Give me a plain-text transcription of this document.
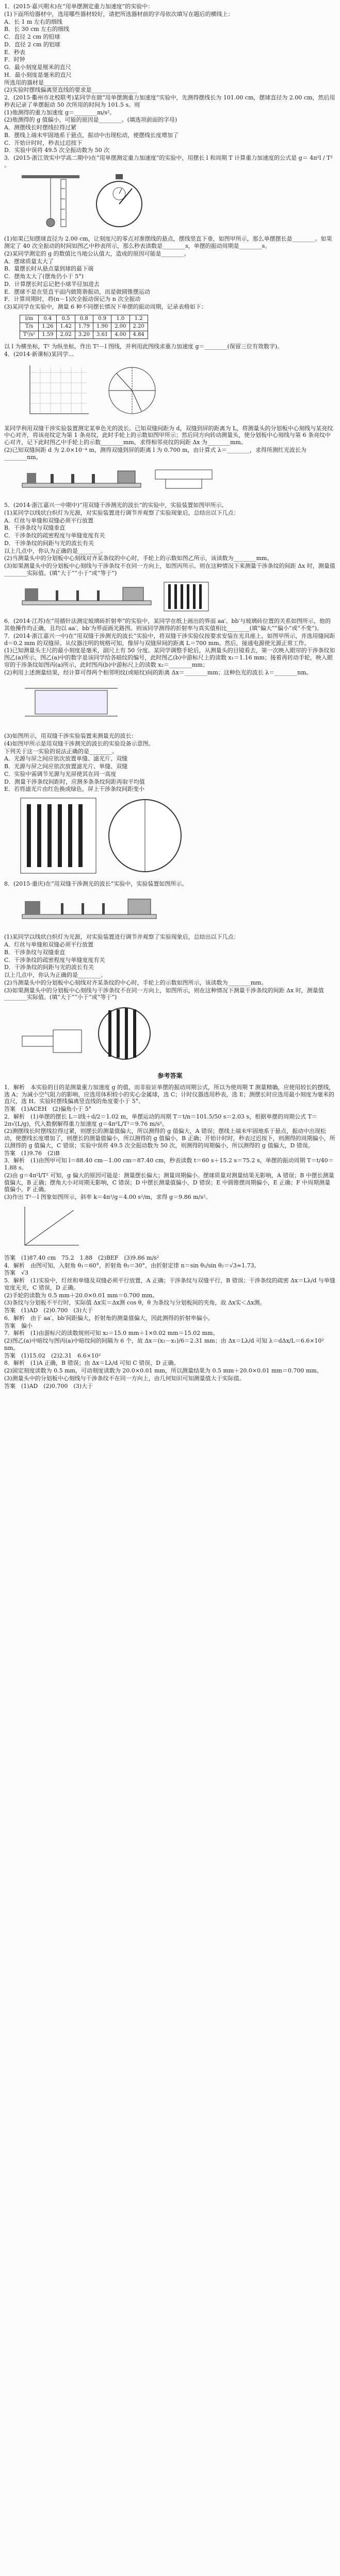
1．(2015·嘉兴期末)在“用单摆测定重力加速度”的实验中：

(1)下面所给器材中，选用哪些器材较好，请把所选器材前的字母依次填写在题后的横线上：

A．长 1 m 左右的细线

B．长 30 cm 左右的细线

C．直径 2 cm 的铅球

D．直径 2 cm 的铝球

E．秒表

F．时钟

G．最小刻度是厘米的直尺

H．最小刻度是毫米的直尺

所选用的器材是________________

(2)实验时摆线偏离竖直线的要求是________________

2．(2015·衢州市北校联考)某同学在做“用单摆测重力加速度”实验中，先测得摆线长为 101.00 cm，摆球直径为 2.00 cm，然后用秒表记录了单摆振动 50 次所用的时间为 101.5 s。则

(1)他测得的重力加速度 g＝________m/s²。

(2)他测得的 g 值偏小，可能的原因是________。(填选项前面的字母)

A．测摆线长时摆线拉得过紧

B．摆线上端未牢固地系于悬点，振动中出现松动，使摆线长度增加了

C．开始计时时，秒表过迟按下

D．实验中误将 49.5 次全振动数为 50 次

3．(2015·浙江效实中学高二期中)在“用单摆测定重力加速度”的实验中，用摆长 l 和周期 T 计算重力加速度的公式是 g＝ 4π²l / T² 。

(1)如果已知摆球直径为 2.00 cm，让刻度尺的零点对准摆线的悬点，摆线竖直下垂，如图甲所示，那么单摆摆长是________。如果测定了 40 次全振动的时间如图乙中秒表所示，那么秒表读数是________s，单摆的振动周期是________s。

(2)某同学测定的 g 的数值比当地公认值大，造成的原因可能是________。

A．摆球质量太大了

B．量摆长时从悬点量到球的最下端

C．摆角太大了(摆角仍小于 5°)

D．计算摆长时忘记把小球半径加进去

E．摆球不是在竖直平面内做简谐振动，而是做圆锥摆运动

F．计算周期时，将(n－1)次全振动误记为 n 次全振动

(3)某同学在实验中，测量 6 种不同摆长情况下单摆的振动周期，记录表格如下：

l/m	0.4	0.5	0.8	0.9	1.0	1.2
T/s	1.26	1.42	1.79	1.90	2.00	2.20
T²/s²	1.59	2.02	3.20	3.61	4.00	4.84

以 l 为横坐标，T² 为纵坐标，作出 T²－l 图线，并利用此图线求重力加速度 g＝________(保留三位有效数字)。

4．(2014·新课标)某同学...

某同学利用双缝干涉实验装置测定某单色光的波长。已知双缝间距为 d，双缝到屏的距离为 L，将测量头的分划板中心刻线与某亮纹中心对齐，将该亮纹定为第 1 条亮纹，此时手轮上的示数如图甲所示；然后同方向转动测量头，使分划板中心刻线与第 6 条亮纹中心对齐，记下此时图乙中手轮上的示数________mm，求得相邻亮纹的间距 Δx 为________mm。

(2)已知双缝间距 d 为 2.0×10⁻⁴ m，测得双缝到屏的距离 l 为 0.700 m，由计算式 λ＝________，求得所测红光波长为________nm。

5．(2014·浙江嘉兴一中期中)“用双缝干涉测光的波长”的实验中，实验装置如图甲所示。

(1)某同学以线状白炽灯为光源，对实验装置进行调节并观察了实验现象后，总结出以下几点：

A．灯丝与单缝和双缝必须平行放置

B．干涉条纹与双缝垂直

C．干涉条纹的疏密程度与单缝宽度有关

D．干涉条纹的间距与光的波长有关

以上几点中，你认为正确的是________。

(2)当测量头中的分划板中心刻线对齐某条纹的中心时，手轮上的示数如图乙所示，该读数为________mm。

(3)如果测量头中的分划板中心刻线与干涉条纹不在同一方向上，如图丙所示。则在这种情况下来测量干涉条纹的间距 Δx 时，测量值________实际值。(填“大于”“小于”或“等于”)

6．(2014·江苏)在“用插针法测定玻璃砖折射率”的实验中，某同学在纸上画出的界面 aa′、bb′与玻璃砖位置的关系如图所示，他的其他操作均正确，且均以 aa′、bb′为界面画光路图。则该同学测得的折射率与真实值相比________(填“偏大”“偏小”或“不变”)。

7．(2014·浙江嘉兴一中)在“用双缝干涉测光的波长”实验中，将双缝干涉实验仪按要求安装在光具座上，如图甲所示，并选用缝间距 d＝0.2 mm 的双缝屏。从仪器注明的规格可知，像屏与双缝屏间的距离 L＝700 mm。然后，接通电源使光源正常工作。

(1)已知测量头主尺的最小刻度是毫米，副尺上有 50 分度。某同学调整手轮后，从测量头的目镜看去，第一次映入眼帘的干涉条纹如图乙(a)所示，图乙(a)中的数字是该同学给各暗纹的编号，此时图乙(b)中游标尺上的读数 x₁＝1.16 mm；接着再转动手轮，映入眼帘的干涉条纹如图丙(a)所示，此时图丙(b)中游标尺上的读数 x₂＝________mm；

(2)利用上述测量结果，经计算可得两个相邻明纹(或暗纹)间的距离 Δx＝________mm；这种色光的波长 λ＝________nm。

(3)如图所示，用双缝干涉实验装置来测量光的波长：

(4)如图甲所示是用双缝干涉测光的波长的实验设备示意图。

下列关于这一实验的说法正确的是________。

A．光源与屏之间应依次放置单缝、滤光片、双缝

B．光源与屏之间应依次放置滤光片、单缝、双缝

C．实验中需调节光源与光屏使其在同一高度

D．测量干涉条纹间距时，应测多条条纹间距再取平均值

E．若将滤光片由红色换成绿色，屏上干涉条纹间距变小

8．(2015·重庆)在“用双缝干涉测光的波长”实验中，实验装置如图所示。

(1)某同学以线状白炽灯为光源，对实验装置进行调节并观察了实验现象后，总结出以下几点：

A．灯丝与单缝和双缝必须平行放置

B．干涉条纹与双缝垂直

C．干涉条纹的疏密程度与单缝宽度有关

D．干涉条纹的间距与光的波长有关

以上几点中，你认为正确的是________。

(2)当测量头中的分划板中心刻线对齐某条纹的中心时，手轮上的示数如图所示，该读数为________mm。

(3)如果测量头中的分划板中心刻线与干涉条纹不在同一方向上，如图所示，则在这种情况下测量干涉条纹的间距 Δx 时，测量值________实际值。(填“大于”“小于”或“等于”)

参考答案

1．解析　本实验的目的是测量重力加速度 g 的值，而非验证单摆的振动周期公式，所以为使周期 T 测量精确，应使用较长的摆线，选 A；为减小空气阻力的影响，应选用体积较小的实心金属球，选 C；计时仪器选用秒表，选 E；测摆长时应选用最小刻度为毫米的直尺，选 H。实验时摆线偏离竖直线的角度要小于 5°。

答案　(1)ACEH　(2)偏角小于 5°

2．解析　(1)单摆的摆长 L＝l线＋d/2＝1.02 m，单摆运动的周期 T＝t/n＝101.5/50 s＝2.03 s，根据单摆的周期公式 T＝2π√(L/g)，代入数据解得重力加速度 g＝4π²L/T²＝9.76 m/s²。

(2)测摆线长时摆线拉得过紧，则摆长的测量值偏大，所以测得的 g 值偏大，A 错误；摆线上端未牢固地系于悬点，振动中出现松动，使摆线长度增加了，则摆长的测量值偏小，所以测得的 g 值偏小，B 正确；开始计时时，秒表过迟按下，则测得的周期偏小，所以测得的 g 值偏大，C 错误；实验中误将 49.5 次全振动数为 50 次，则测得的周期偏小，所以测得的 g 值偏大，D 错误。

答案　(1)9.76　(2)B

3．解析　(1)由图甲可知 l＝88.40 cm－1.00 cm＝87.40 cm，秒表读数 t＝60 s＋15.2 s＝75.2 s，单摆的振动周期 T＝t/40＝1.88 s。

(2)由 g＝4π²l/T² 可知，g 偏大的原因可能是：测量摆长偏大；测量周期偏小。摆球质量对测量结果无影响，A 错误；B 中摆长测量值偏大，B 正确；摆角大小对周期无影响，C 错误；D 中摆长测量值偏小，D 错误；E 中圆锥摆周期偏小，E 正确；F 中周期测量值偏小，F 正确。

(3)作出 T²－l 图象如图所示，斜率 k＝4π²/g＝4.00 s²/m，求得 g＝9.86 m/s²。

答案　(1)87.40 cm　75.2　1.88　(2)BEF　(3)9.86 m/s²

4．解析　由图可知，入射角 θ₁＝60°，折射角 θ₂＝30°，由折射定律 n＝sin θ₁/sin θ₂＝√3≈1.73。

答案　√3

5．解析　(1)实验中，灯丝和单缝及双缝必须平行放置，A 正确；干涉条纹与双缝平行，B 错误；干涉条纹的疏密 Δx＝Lλ/d 与单缝宽度无关，C 错误，D 正确。

(2)手轮的读数为 0.5 mm＋20.0×0.01 mm＝0.700 mm。

(3)条纹与分划板不平行时，实际值 Δx实＝Δx测 cos θ，θ 为条纹与分划板间的夹角，故 Δx实＜Δx测。

答案　(1)AD　(2)0.700　(3)大于

6．解析　由于 aa′、bb′间距偏大，折射角的测量值偏大，因此测得的折射率偏小。

答案　偏小

7．解析　(1)由游标尺的读数规则可知 x₂＝15.0 mm＋1×0.02 mm＝15.02 mm。

(2)图乙(a)中暗纹与图丙(a)中暗纹间的间隔为 6 个，故 Δx＝(x₂－x₁)/6＝2.31 mm；由 Δx＝Lλ/d 可知 λ＝dΔx/L＝6.6×10² nm。

答案　(1)15.02　(2)2.31　6.6×10²

8．解析　(1)A 正确，B 错误；由 Δx＝Lλ/d 可知 C 错误，D 正确。

(2)固定刻度读数为 0.5 mm，可动刻度读数为 20.0×0.01 mm，所以测量结果为 0.5 mm＋20.0×0.01 mm＝0.700 mm。

(3)测量头中的分划板中心刻线与干涉条纹不在同一方向上，由几何知识可知测量值大于实际值。

答案　(1)AD　(2)0.700　(3)大于
